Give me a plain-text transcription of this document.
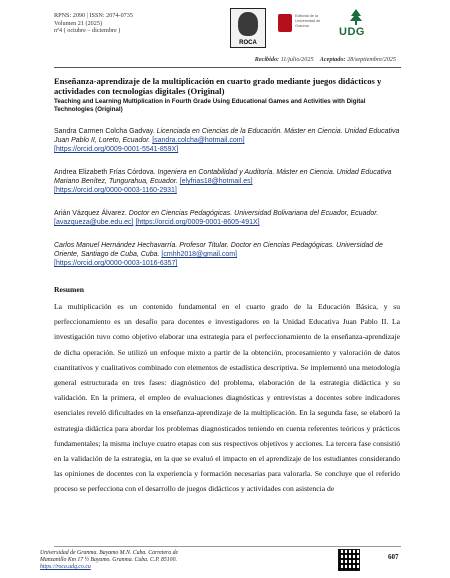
RPNS: 2090 | ISSN: 2074-0735
Volumen 21 (2025)
nº4 ( octubre – diciembre )
ROCA
Editorial de la Universidad de Granma	UDG
Recibido: 11/julio/2025 Aceptado: 28/septiembre/2025
Enseñanza-aprendizaje de la multiplicación en cuarto grado mediante juegos didácticos y actividades con tecnologías digitales (Original)
Teaching and Learning Multiplication in Fourth Grade Using Educational Games and Activities with Digital Technologies (Original)
Sandra Carmen Colcha Gadvay. Licenciada en Ciencias de la Educación. Máster en Ciencia. Unidad Educativa Juan Pablo II, Loreto, Ecuador. [sandra.colcha@hotmail.com]
[https://orcid.org/0009-0001-5541-859X]
Andrea Elizabeth Frías Córdova. Ingeniera en Contabilidad y Auditoría. Máster en Ciencia. Unidad Educativa Mariano Benítez, Tungurahua, Ecuador. [elyfrias18@hotmail.es]
[https://orcid.org/0000-0003-1160-2931]
Arián Vázquez Álvarez. Doctor en Ciencias Pedagógicas. Universidad Bolivariana del Ecuador, Ecuador. [avazqueza@ube.edu.ec] [https://orcid.org/0009-0001-8605-491X]
Carlos Manuel Hernández Hechavarría. Profesor Titular. Doctor en Ciencias Pedagógicas. Universidad de Oriente, Santiago de Cuba, Cuba. [cmhh2018@gmail.com]
[https://orcid.org/0000-0003-1016-6357]
Resumen
La multiplicación es un contenido fundamental en el cuarto grado de la Educación Básica, y su perfeccionamiento es un desafío para docentes e investigadores en la Unidad Educativa Juan Pablo II. La investigación tuvo como objetivo elaborar una estrategia para el perfeccionamiento de la enseñanza-aprendizaje de dicha operación. Se utilizó un enfoque mixto a partir de la obtención, procesamiento y valoración de datos cuantitativos y cualitativos combinado con elementos de estadística descriptiva. Se implementó una metodología general estructurada en tres fases: diagnóstico del problema, elaboración de la estrategia didáctica y su validación. En la primera, el empleo de evaluaciones diagnósticas y entrevistas a docentes sobre indicadores esenciales reveló dificultades en la enseñanza-aprendizaje de la multiplicación. En la segunda fase, se elaboró la estrategia didáctica para abordar los problemas diagnosticados teniendo en cuenta referentes teóricos y prácticos fundamentales; la misma incluye cuatro etapas con sus respectivos objetivos y acciones. La tercera fase consistió en la validación de la estrategia, en la que se evaluó el impacto en el aprendizaje de los estudiantes considerando las opiniones de docentes con la experiencia y formación necesarias para valorarla. Se concluye que el referido proceso se perfecciona con el desarrollo de juegos didácticos y actividades con asistencia de
Universidad de Granma. Bayamo M.N. Cuba. Carretera de
Manzanillo Km 17 ½ Bayamo. Granma. Cuba. C.P. 85100.
https://roca.udg.co.cu
607
